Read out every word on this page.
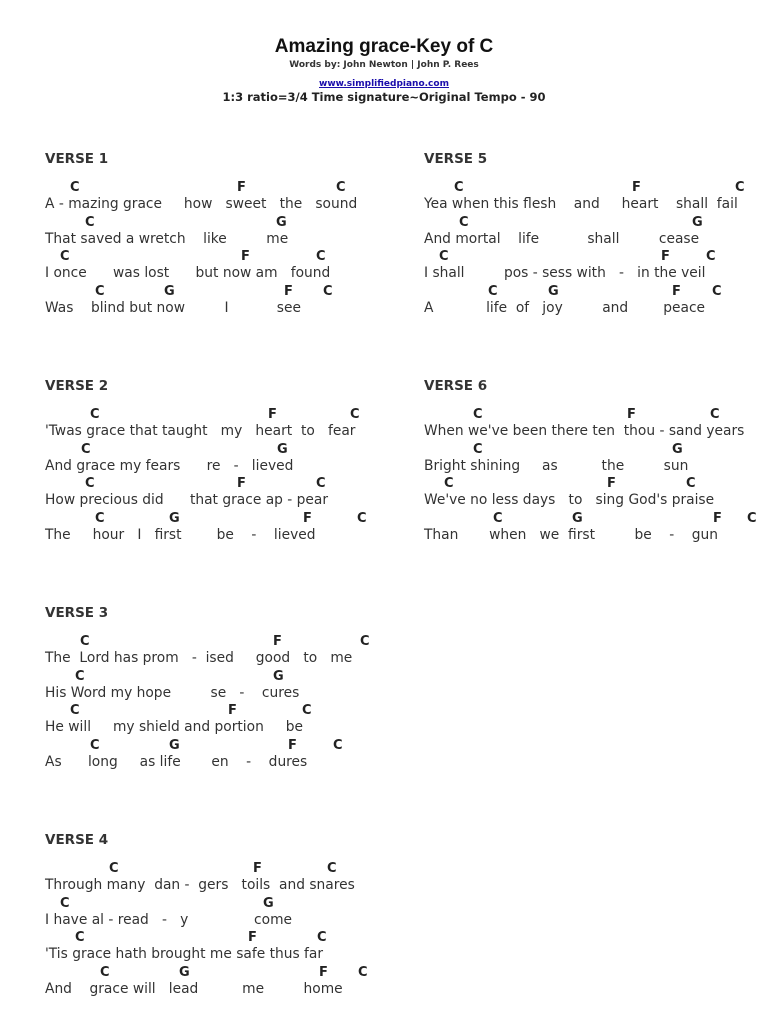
Amazing grace-Key of C
Words by: John Newton | John P. Rees
www.simplifiedpiano.com
1:3 ratio=3/4 Time signature~Original Tempo - 90
VERSE 1
C	F	C
A - mazing grace     how   sweet   the   sound
C	G
That saved a wretch    like         me
C	F	C
I once      was lost      but now am   found
C	G	F C
Was    blind but now         I           see
VERSE 2
C	F	C
'Twas grace that taught   my   heart  to   fear
C	G
And grace my fears      re   -   lieved
C	F	C
How precious did      that grace ap - pear
C	G	F	C
The     hour   I   first        be    -    lieved
VERSE 3
C	F	C
The  Lord has prom   -  ised     good   to   me
C	G
His Word my hope         se   -    cures
C	F	C
He will     my shield and portion     be
C	G	F	C
As      long     as life       en    -    dures
VERSE 4
C	F	C
Through many  dan -  gers   toils  and snares
C	G
I have al - read   -   y               come
C	F	C
'Tis grace hath brought me safe thus far
C	G	F C
And    grace will   lead          me         home
VERSE 5
C	F	C
Yea when this flesh    and     heart    shall  fail
C	G
And mortal    life           shall         cease
C	F	C
I shall         pos - sess with   -   in the veil
C	G	F C
A            life  of   joy         and        peace
VERSE 6
C	F	C
When we've been there ten  thou - sand years
C	G
Bright shining     as          the         sun
C	F	C
We've no less days   to   sing God's praise
C	G	F C
Than       when   we  first         be    -    gun
